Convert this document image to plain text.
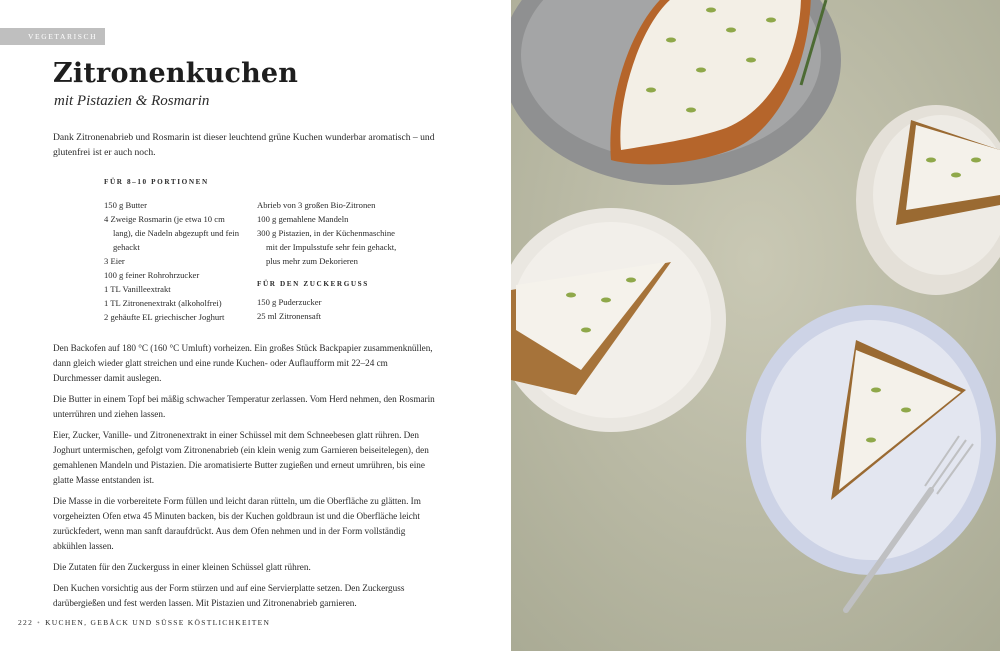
VEGETARISCH
Zitronenkuchen
mit Pistazien & Rosmarin
Dank Zitronenabrieb und Rosmarin ist dieser leuchtend grüne Kuchen wunderbar aromatisch – und glutenfrei ist er auch noch.
FÜR 8–10 PORTIONEN
150 g Butter
4 Zweige Rosmarin (je etwa 10 cm lang), die Nadeln abgezupft und fein gehackt
3 Eier
100 g feiner Rohrohrzucker
1 TL Vanilleextrakt
1 TL Zitronenextrakt (alkoholfrei)
2 gehäufte EL griechischer Joghurt
Abrieb von 3 großen Bio-Zitronen
100 g gemahlene Mandeln
300 g Pistazien, in der Küchenmaschine mit der Impulsstufe sehr fein gehackt, plus mehr zum Dekorieren
FÜR DEN ZUCKERGUSS
150 g Puderzucker
25 ml Zitronensaft

Den Backofen auf 180 °C (160 °C Umluft) vorheizen. Ein großes Stück Backpapier zusammenknüllen, dann gleich wieder glatt streichen und eine runde Kuchen- oder Auflaufform mit 22–24 cm Durchmesser damit auslegen.

Die Butter in einem Topf bei mäßig schwacher Temperatur zerlassen. Vom Herd nehmen, den Rosmarin unterrühren und ziehen lassen.

Eier, Zucker, Vanille- und Zitronenextrakt in einer Schüssel mit dem Schneebesen glatt rühren. Den Joghurt untermischen, gefolgt vom Zitronenabrieb (ein klein wenig zum Garnieren beiseitelegen), den gemahlenen Mandeln und Pistazien. Die aromatisierte Butter zugießen und erneut umrühren, bis eine glatte Masse entstanden ist.

Die Masse in die vorbereitete Form füllen und leicht daran rütteln, um die Oberfläche zu glätten. Im vorgeheizten Ofen etwa 45 Minuten backen, bis der Kuchen goldbraun ist und die Oberfläche leicht zurückfedert, wenn man sanft daraufdrückt. Aus dem Ofen nehmen und in der Form vollständig abkühlen lassen.

Die Zutaten für den Zuckerguss in einer kleinen Schüssel glatt rühren.

Den Kuchen vorsichtig aus der Form stürzen und auf eine Servierplatte setzen. Den Zuckerguss darübergießen und fest werden lassen. Mit Pistazien und Zitronenabrieb garnieren.

222 • KUCHEN, GEBÄCK UND SÜSSE KÖSTLICHKEITEN
